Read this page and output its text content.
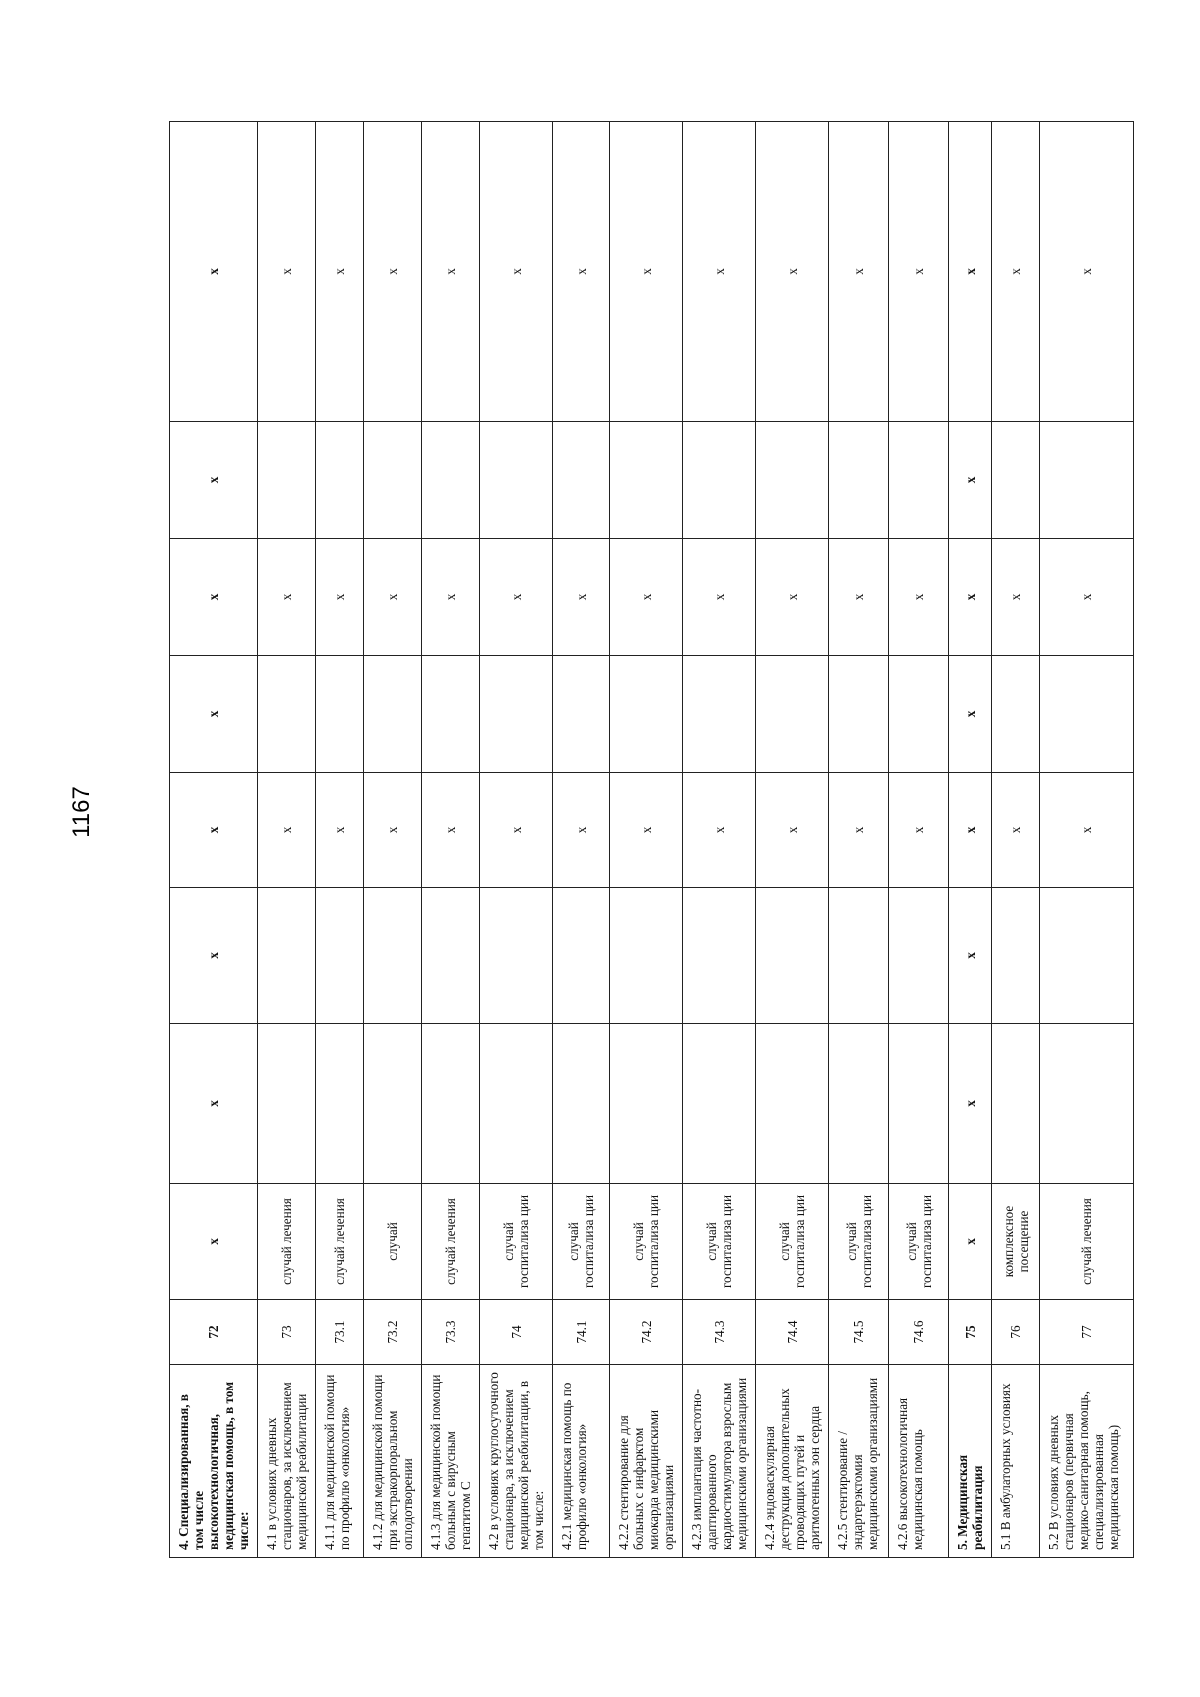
1167
4. Специализированная, в том числе высокотехнологичная, медицинская помощь, в том числе:	72	x	x	x	x	x	x	x	x
4.1 в условиях дневных стационаров, за исключением медицинской реабилитации	73	случай лечения			x		x		x
4.1.1 для медицинской помощи по профилю «онкология»	73.1	случай лечения			x		x		x
4.1.2 для медицинской помощи при экстракорпоральном оплодотворении	73.2	случай			x		x		x
4.1.3 для медицинской помощи больным с вирусным гепатитом С	73.3	случай лечения			x		x		x
4.2 в условиях круглосуточного стационара, за исключением медицинской реабилитации, в том числе:	74	случай госпитализа ции			x		x		x
4.2.1 медицинская помощь по профилю «онкология»	74.1	случай госпитализа ции			x		x		x
4.2.2 стентирование для больных с инфарктом миокарда медицинскими организациями	74.2	случай госпитализа ции			x		x		x
4.2.3 имплантация частотно-адаптированного кардиостимулятора взрослым медицинскими организациями	74.3	случай госпитализа ции			x		x		x
4.2.4 эндоваскулярная деструкция дополнительных проводящих путей и аритмогенных зон сердца	74.4	случай госпитализа ции			x		x		x
4.2.5 стентирование / эндартерэктомия медицинскими организациями	74.5	случай госпитализа ции			x		x		x
4.2.6 высокотехнологичная медицинская помощь	74.6	случай госпитализа ции			x		x		x
5. Медицинская реабилитация	75	x	x	x	x	x	x	x	x
5.1 В амбулаторных условиях	76	комплексное посещение			x		x		x
5.2 В условиях дневных стационаров (первичная медико-санитарная помощь, специализированная медицинская помощь)	77	случай лечения			x		x		x
